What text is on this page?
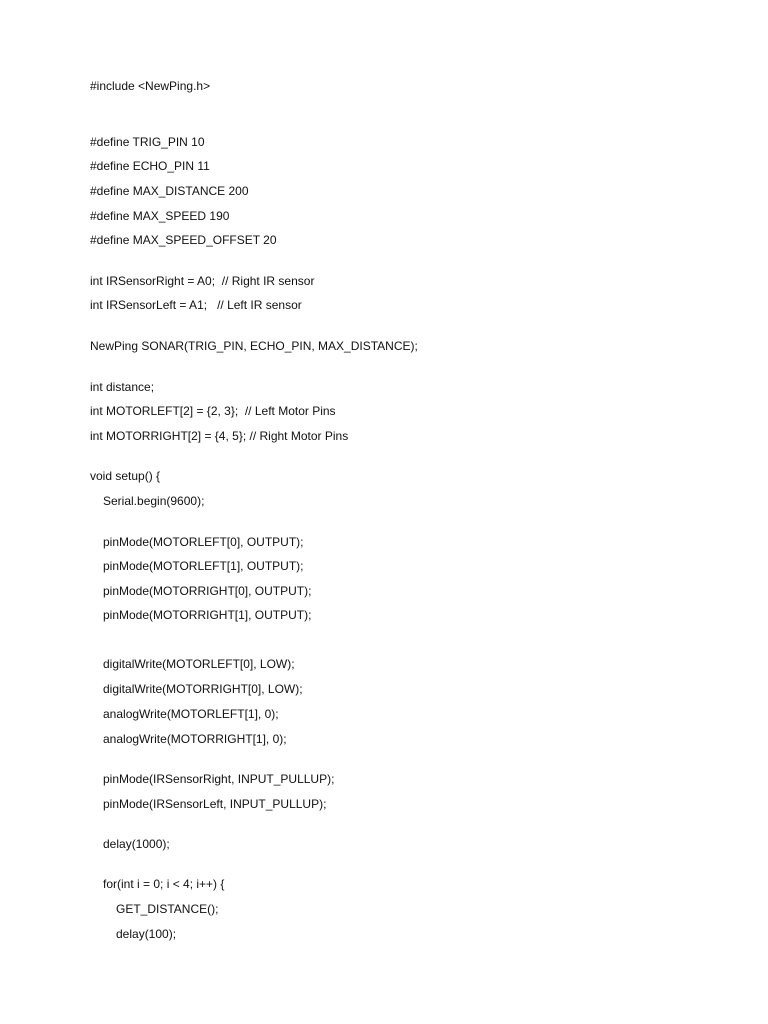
#include <NewPing.h>
#define TRIG_PIN 10
#define ECHO_PIN 11
#define MAX_DISTANCE 200
#define MAX_SPEED 190
#define MAX_SPEED_OFFSET 20
int IRSensorRight = A0;  // Right IR sensor
int IRSensorLeft = A1;   // Left IR sensor
NewPing SONAR(TRIG_PIN, ECHO_PIN, MAX_DISTANCE);
int distance;
int MOTORLEFT[2] = {2, 3};  // Left Motor Pins
int MOTORRIGHT[2] = {4, 5}; // Right Motor Pins
void setup() {
Serial.begin(9600);
pinMode(MOTORLEFT[0], OUTPUT);
pinMode(MOTORLEFT[1], OUTPUT);
pinMode(MOTORRIGHT[0], OUTPUT);
pinMode(MOTORRIGHT[1], OUTPUT);
digitalWrite(MOTORLEFT[0], LOW);
digitalWrite(MOTORRIGHT[0], LOW);
analogWrite(MOTORLEFT[1], 0);
analogWrite(MOTORRIGHT[1], 0);
pinMode(IRSensorRight, INPUT_PULLUP);
pinMode(IRSensorLeft, INPUT_PULLUP);
delay(1000);
for(int i = 0; i < 4; i++) {
GET_DISTANCE();
delay(100);
